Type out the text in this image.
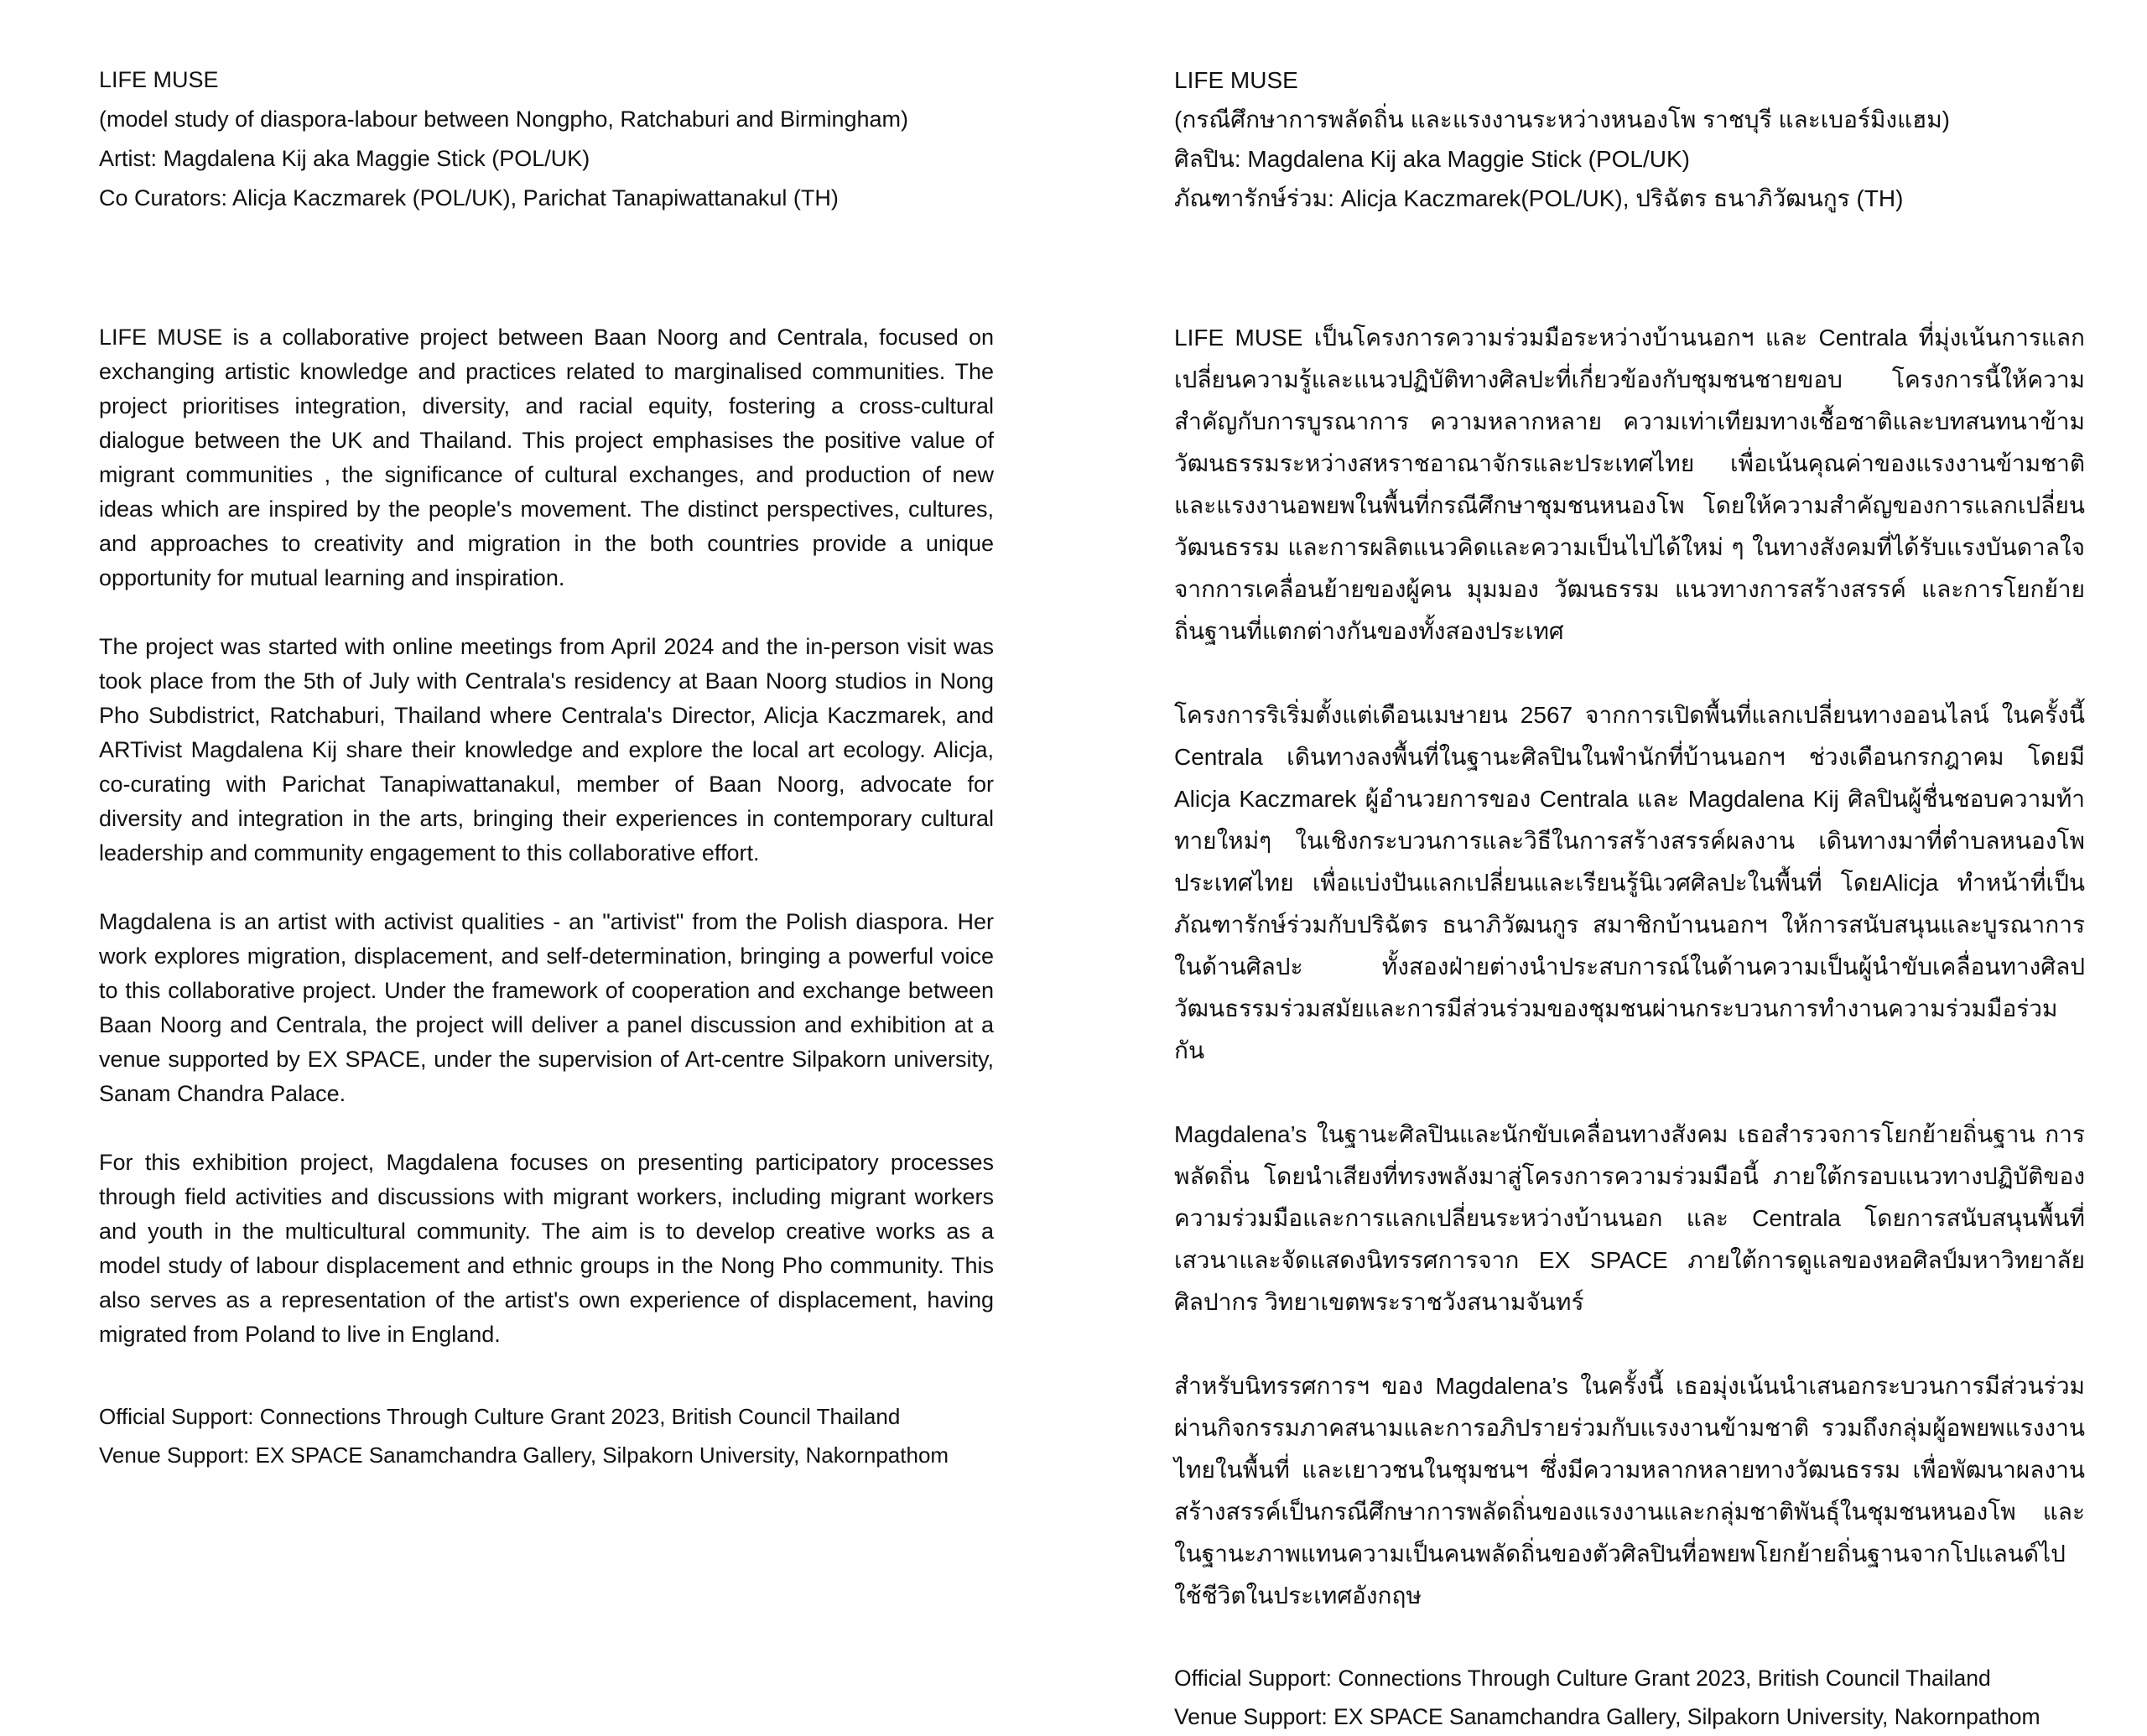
LIFE MUSE
(model study of diaspora-labour between Nongpho, Ratchaburi and Birmingham)
Artist: Magdalena Kij aka Maggie Stick (POL/UK)
Co Curators: Alicja Kaczmarek (POL/UK), Parichat Tanapiwattanakul (TH)

LIFE MUSE is a collaborative project between Baan Noorg and Centrala, focused on exchanging artistic knowledge and practices related to marginalised communities. The project prioritises integration, diversity, and racial equity, fostering a cross-cultural dialogue between the UK and Thailand. This project emphasises the positive value of migrant communities , the significance of cultural exchanges, and production of new ideas which are inspired by the people's movement. The distinct perspectives, cultures, and approaches to creativity and migration in the both countries provide a unique opportunity for mutual learning and inspiration.

The project was started with online meetings from April 2024 and the in-person visit was took place from the 5th of July with Centrala's residency at Baan Noorg studios in Nong Pho Subdistrict, Ratchaburi, Thailand where Centrala's Director, Alicja Kaczmarek, and ARTivist Magdalena Kij share their knowledge and explore the local art ecology. Alicja, co-curating with Parichat Tanapiwattanakul, member of Baan Noorg, advocate for diversity and integration in the arts, bringing their experiences in contemporary cultural leadership and community engagement to this collaborative effort.

Magdalena is an artist with activist qualities - an "artivist" from the Polish diaspora. Her work explores migration, displacement, and self-determination, bringing a powerful voice to this collaborative project. Under the framework of cooperation and exchange between Baan Noorg and Centrala, the project will deliver a panel discussion and exhibition at a venue supported by EX SPACE, under the supervision of Art-centre Silpakorn university, Sanam Chandra Palace.

For this exhibition project, Magdalena focuses on presenting participatory processes through field activities and discussions with migrant workers, including migrant workers and youth in the multicultural community. The aim is to develop creative works as a model study of labour displacement and ethnic groups in the Nong Pho community. This also serves as a representation of the artist's own experience of displacement, having migrated from Poland to live in England.

Official Support: Connections Through Culture Grant 2023, British Council Thailand
Venue Support: EX SPACE Sanamchandra Gallery, Silpakorn University, Nakornpathom
LIFE MUSE
(กรณีศึกษาการพลัดถิ่น และแรงงานระหว่างหนองโพ ราชบุรี และเบอร์มิงแฮม)
ศิลปิน: Magdalena Kij aka Maggie Stick (POL/UK)
ภัณฑารักษ์ร่วม: Alicja Kaczmarek(POL/UK), ปริฉัตร ธนาภิวัฒนกูร (TH)

LIFE MUSE เป็นโครงการความร่วมมือระหว่างบ้านนอกฯ และ Centrala ที่มุ่งเน้นการแลกเปลี่ยนความรู้และแนวปฏิบัติทางศิลปะที่เกี่ยวข้องกับชุมชนชายขอบ โครงการนี้ให้ความสำคัญกับการบูรณาการ ความหลากหลาย ความเท่าเทียมทางเชื้อชาติและบทสนทนาข้ามวัฒนธรรมระหว่างสหราชอาณาจักรและประเทศไทย เพื่อเน้นคุณค่าของแรงงานข้ามชาติและแรงงานอพยพในพื้นที่กรณีศึกษาชุมชนหนองโพ โดยให้ความสำคัญของการแลกเปลี่ยนวัฒนธรรม และการผลิตแนวคิดและความเป็นไปได้ใหม่ ๆ ในทางสังคมที่ได้รับแรงบันดาลใจจากการเคลื่อนย้ายของผู้คน มุมมอง วัฒนธรรม แนวทางการสร้างสรรค์ และการโยกย้ายถิ่นฐานที่แตกต่างกันของทั้งสองประเทศ

โครงการริเริ่มตั้งแต่เดือนเมษายน 2567 จากการเปิดพื้นที่แลกเปลี่ยนทางออนไลน์ ในครั้งนี้ Centrala เดินทางลงพื้นที่ในฐานะศิลปินในพำนักที่บ้านนอกฯ ช่วงเดือนกรกฎาคม โดยมี Alicja Kaczmarek ผู้อำนวยการของ Centrala และ Magdalena Kij ศิลปินผู้ชื่นชอบความท้าทายใหม่ๆ ในเชิงกระบวนการและวิธีในการสร้างสรรค์ผลงาน เดินทางมาที่ตำบลหนองโพ ประเทศไทย เพื่อแบ่งปันแลกเปลี่ยนและเรียนรู้นิเวศศิลปะในพื้นที่ โดยAlicja ทำหน้าที่เป็นภัณฑารักษ์ร่วมกับปริฉัตร ธนาภิวัฒนกูร สมาชิกบ้านนอกฯ ให้การสนับสนุนและบูรณาการในด้านศิลปะ ทั้งสองฝ่ายต่างนำประสบการณ์ในด้านความเป็นผู้นำขับเคลื่อนทางศิลปวัฒนธรรมร่วมสมัยและการมีส่วนร่วมของชุมชนผ่านกระบวนการทำงานความร่วมมือร่วมกัน

Magdalena’s ในฐานะศิลปินและนักขับเคลื่อนทางสังคม เธอสำรวจการโยกย้ายถิ่นฐาน การพลัดถิ่น โดยนำเสียงที่ทรงพลังมาสู่โครงการความร่วมมือนี้ ภายใต้กรอบแนวทางปฏิบัติของความร่วมมือและการแลกเปลี่ยนระหว่างบ้านนอก และ Centrala โดยการสนับสนุนพื้นที่เสวนาและจัดแสดงนิทรรศการจาก EX SPACE ภายใต้การดูแลของหอศิลป์มหาวิทยาลัยศิลปากร วิทยาเขตพระราชวังสนามจันทร์

สำหรับนิทรรศการฯ ของ Magdalena’s ในครั้งนี้ เธอมุ่งเน้นนำเสนอกระบวนการมีส่วนร่วมผ่านกิจกรรมภาคสนามและการอภิปรายร่วมกับแรงงานข้ามชาติ รวมถึงกลุ่มผู้อพยพแรงงานไทยในพื้นที่ และเยาวชนในชุมชนฯ ซึ่งมีความหลากหลายทางวัฒนธรรม เพื่อพัฒนาผลงานสร้างสรรค์เป็นกรณีศึกษาการพลัดถิ่นของแรงงานและกลุ่มชาติพันธุ์ในชุมชนหนองโพ และในฐานะภาพแทนความเป็นคนพลัดถิ่นของตัวศิลปินที่อพยพโยกย้ายถิ่นฐานจากโปแลนด์ไปใช้ชีวิตในประเทศอังกฤษ

Official Support: Connections Through Culture Grant 2023, British Council Thailand
Venue Support: EX SPACE Sanamchandra Gallery, Silpakorn University, Nakornpathom
